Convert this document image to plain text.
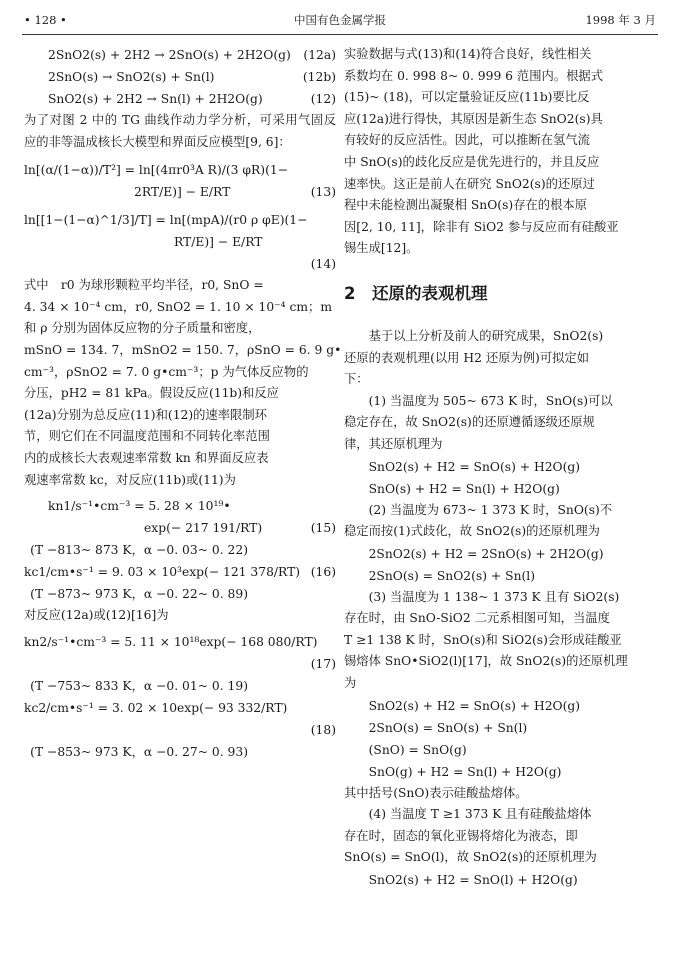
• 128 •	中国有色金属学报	1998 年 3 月
2SnO2(s) + 2H2 → 2SnO(s) + 2H2O(g) (12a)
2SnO(s) → SnO2(s) + Sn(l)	(12b)
SnO2(s) + 2H2 → Sn(l) + 2H2O(g)	(12)

为了对图 2 中的 TG 曲线作动力学分析，可采用气固反应的非等温成核长大模型和界面反应模型[9, 6]：

ln[(α/(1−α))/T²] = ln[(4πr0³A R)/(3 φR)(1−
2RT/E)] − E/RT	(13)
ln[[1−(1−α)^1/3]/T] = ln[(mpA)/(r0 ρ φE)(1−
RT/E)] − E/RT
(14)
式中　r0 为球形颗粒平均半径，r0, SnO =
4. 34 × 10⁻⁴ cm，r0, SnO2 = 1. 10 × 10⁻⁴ cm；m
和 ρ 分别为固体反应物的分子质量和密度，
mSnO = 134. 7，mSnO2 = 150. 7，ρSnO = 6. 9 g•
cm⁻³，ρSnO2 = 7. 0 g•cm⁻³；p 为气体反应物的
分压，pH2 = 81 kPa。假设反应(11b)和反应
(12a)分别为总反应(11)和(12)的速率限制环
节，则它们在不同温度范围和不同转化率范围
内的成核长大表观速率常数 kn 和界面反应表
观速率常数 kc，对反应(11b)或(11)为
kn1/s⁻¹•cm⁻³ = 5. 28 × 10¹⁹•
exp(− 217 191/RT)	(15)
(T −813~ 873 K，α −0. 03~ 0. 22)
kc1/cm•s⁻¹ = 9. 03 × 10³exp(− 121 378/RT) (16)
(T −873~ 973 K，α −0. 22~ 0. 89)
对反应(12a)或(12)[16]为
kn2/s⁻¹•cm⁻³ = 5. 11 × 10¹⁸exp(− 168 080/RT)
(17)
(T −753~ 833 K，α −0. 01~ 0. 19)
kc2/cm•s⁻¹ = 3. 02 × 10exp(− 93 332/RT)
(18)
(T −853~ 973 K，α −0. 27~ 0. 93)
实验数据与式(13)和(14)符合良好，线性相关
系数均在 0. 998 8~ 0. 999 6 范围内。根据式
(15)~ (18)，可以定量验证反应(11b)要比反
应(12a)进行得快，其原因是新生态 SnO2(s)具
有较好的反应活性。因此，可以推断在氢气流
中 SnO(s)的歧化反应是优先进行的，并且反应
速率快。这正是前人在研究 SnO2(s)的还原过
程中未能检测出凝聚相 SnO(s)存在的根本原
因[2, 10, 11]，除非有 SiO2 参与反应而有硅酸亚
锡生成[12]。
2　还原的表观机理
　　基于以上分析及前人的研究成果，SnO2(s)
还原的表观机理(以用 H2 还原为例)可拟定如
下：
　　(1) 当温度为 505~ 673 K 时，SnO(s)可以
稳定存在，故 SnO2(s)的还原遵循逐级还原规
律，其还原机理为
SnO2(s) + H2 = SnO(s) + H2O(g)
SnO(s) + H2 = Sn(l) + H2O(g)
　　(2) 当温度为 673~ 1 373 K 时，SnO(s)不
稳定而按(1)式歧化，故 SnO2(s)的还原机理为
2SnO2(s) + H2 = 2SnO(s) + 2H2O(g)
2SnO(s) = SnO2(s) + Sn(l)
　　(3) 当温度为 1 138~ 1 373 K 且有 SiO2(s)
存在时，由 SnO-SiO2 二元系相图可知，当温度
T ≥1 138 K 时，SnO(s)和 SiO2(s)会形成硅酸亚
锡熔体 SnO•SiO2(l)[17]，故 SnO2(s)的还原机理
为
SnO2(s) + H2 = SnO(s) + H2O(g)
2SnO(s) = SnO(s) + Sn(l)
(SnO) = SnO(g)
SnO(g) + H2 = Sn(l) + H2O(g)
其中括号(SnO)表示硅酸盐熔体。
　　(4) 当温度 T ≥1 373 K 且有硅酸盐熔体
存在时，固态的氧化亚锡将熔化为液态，即
SnO(s) = SnO(l)，故 SnO2(s)的还原机理为
SnO2(s) + H2 = SnO(l) + H2O(g)
